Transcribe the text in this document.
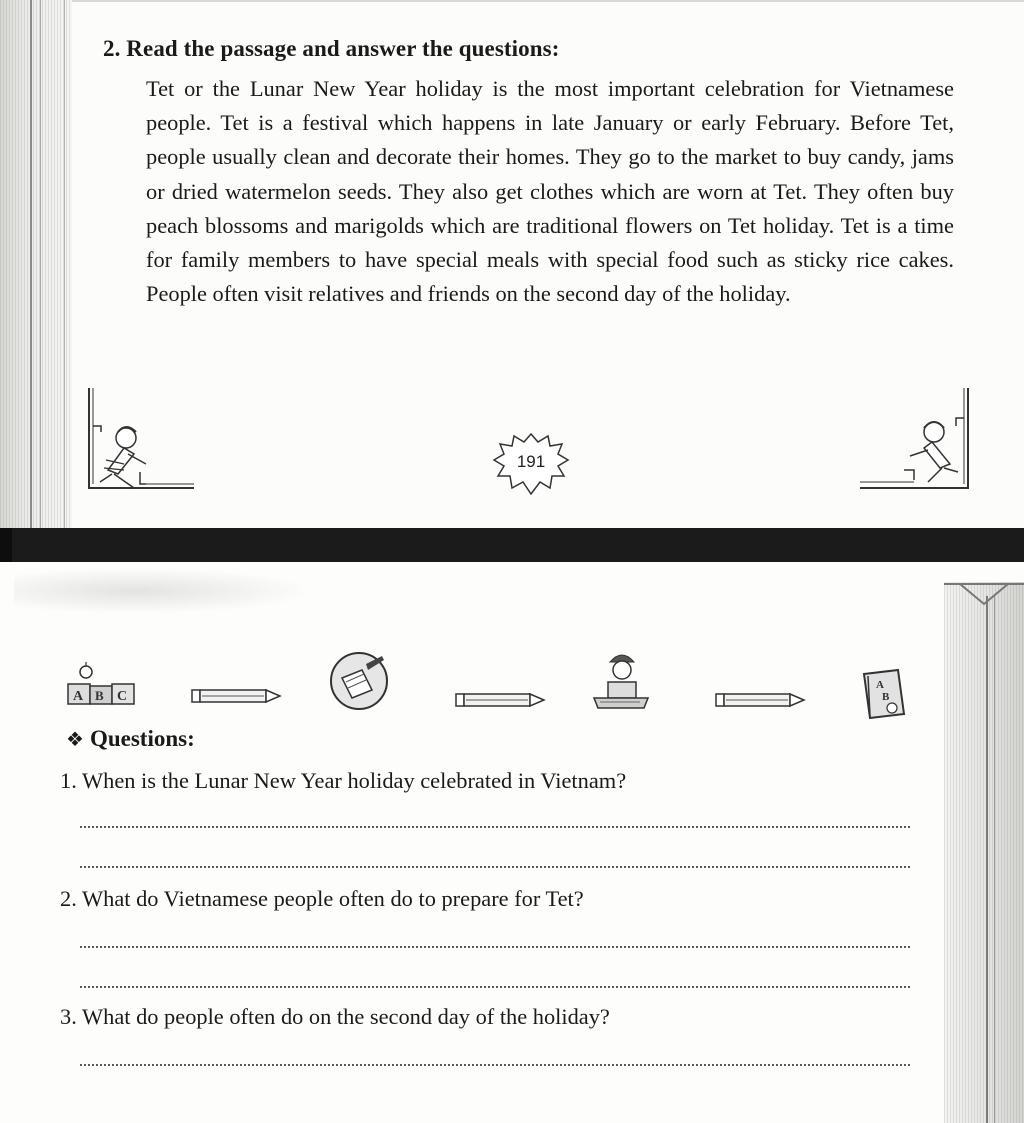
2. Read the passage and answer the questions:
Tet or the Lunar New Year holiday is the most important celebration for Vietnamese people. Tet is a festival which happens in late January or early February. Before Tet, people usually clean and decorate their homes. They go to the market to buy candy, jams or dried watermelon seeds. They also get clothes which are worn at Tet. They often buy peach blossoms and marigolds which are traditional flowers on Tet holiday. Tet is a time for family members to have special meals with special food such as sticky rice cakes. People often visit relatives and friends on the second day of the holiday.
191
A B C
A
B
❖ Questions:
1. When is the Lunar New Year holiday celebrated in Vietnam?
2. What do Vietnamese people often do to prepare for Tet?
3. What do people often do on the second day of the holiday?
